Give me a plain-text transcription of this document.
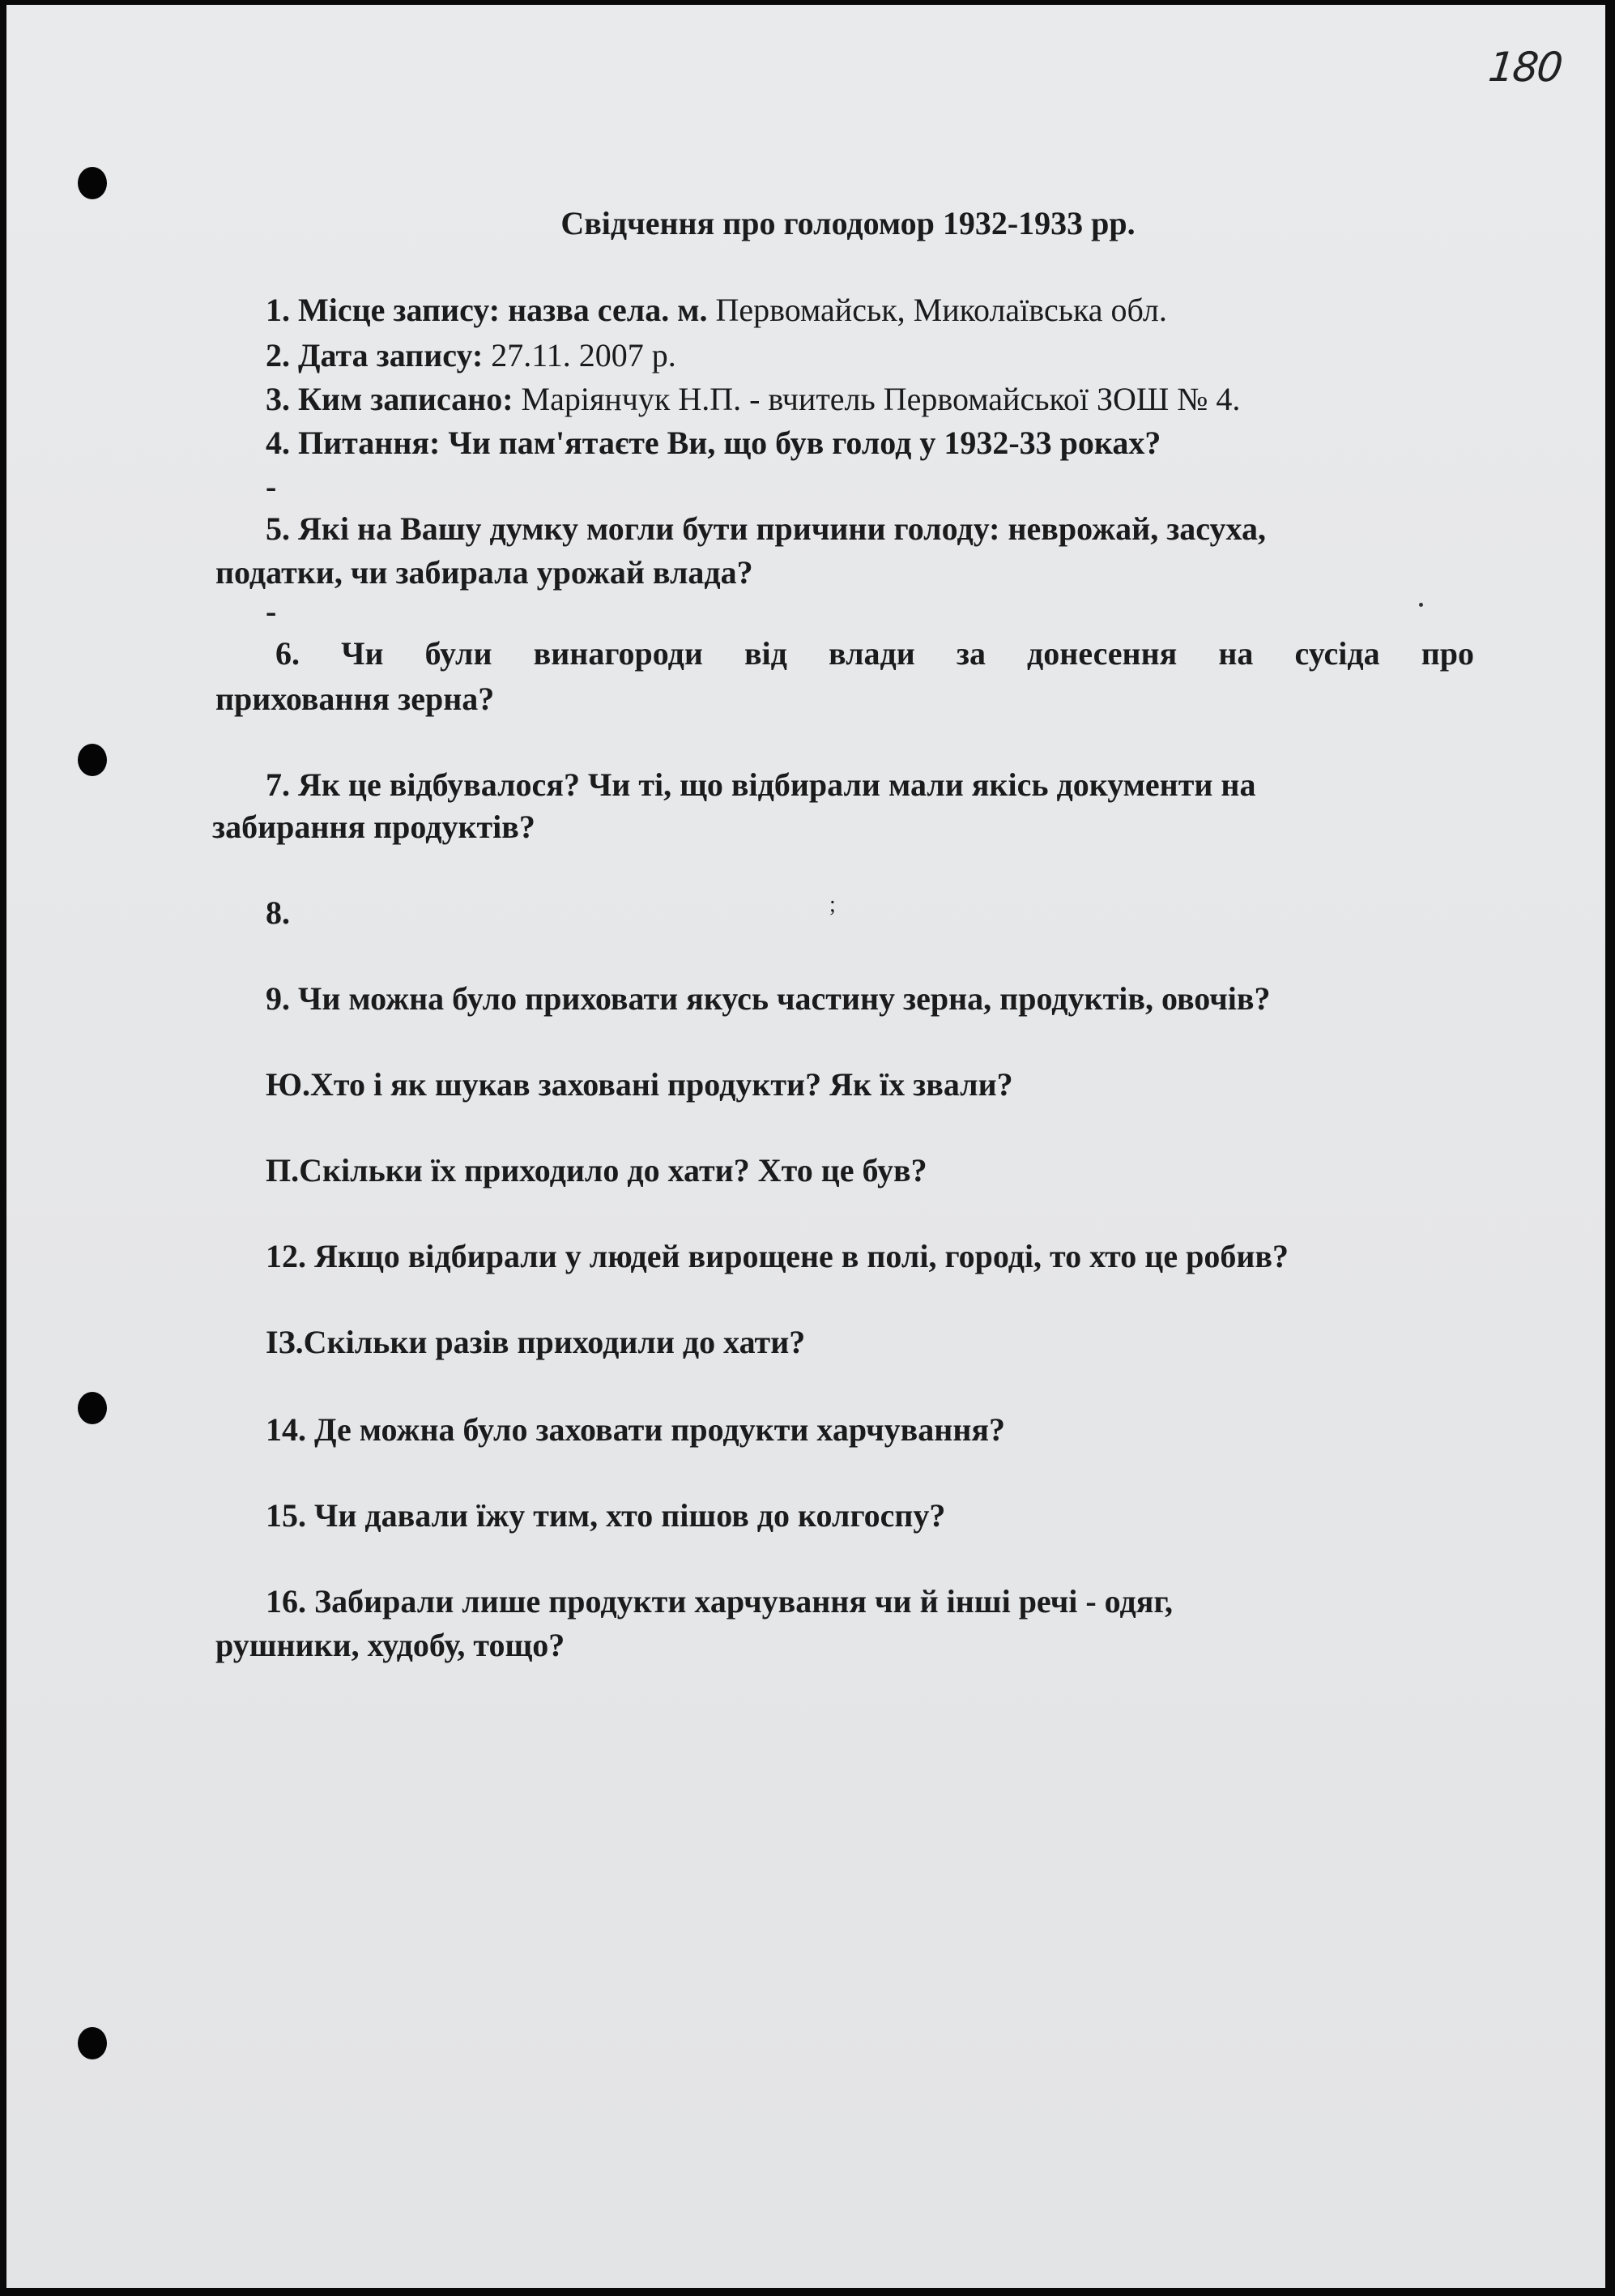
180
Свідчення про голодомор 1932-1933 рр.
1. Місце запису: назва села. м. Первомайськ, Миколаївська обл.
2. Дата запису: 27.11. 2007 р.
3. Ким записано: Маріянчук Н.П. - вчитель Первомайської ЗОШ № 4.
4. Питання: Чи пам'ятаєте Ви, що був голод у 1932-33 роках?
-
5. Які на Вашу думку могли бути причини голоду: неврожай, засуха,
податки, чи забирала урожай влада?
-
6. Чи були винагороди від влади за донесення на сусіда про
приховання зерна?
7. Як це відбувалося? Чи ті, що відбирали мали якісь документи на
забирання продуктів?
8.	;
9. Чи можна було приховати якусь частину зерна, продуктів, овочів?
Ю.Хто і як шукав заховані продукти? Як їх звали?
П.Скільки їх приходило до хати? Хто це був?
12. Якщо відбирали у людей вирощене в полі, городі, то хто це робив?
ІЗ.Скільки разів приходили до хати?
14. Де можна було заховати продукти харчування?
15. Чи давали їжу тим, хто пішов до колгоспу?
16. Забирали лише продукти харчування чи й інші речі - одяг,
рушники, худобу, тощо?
